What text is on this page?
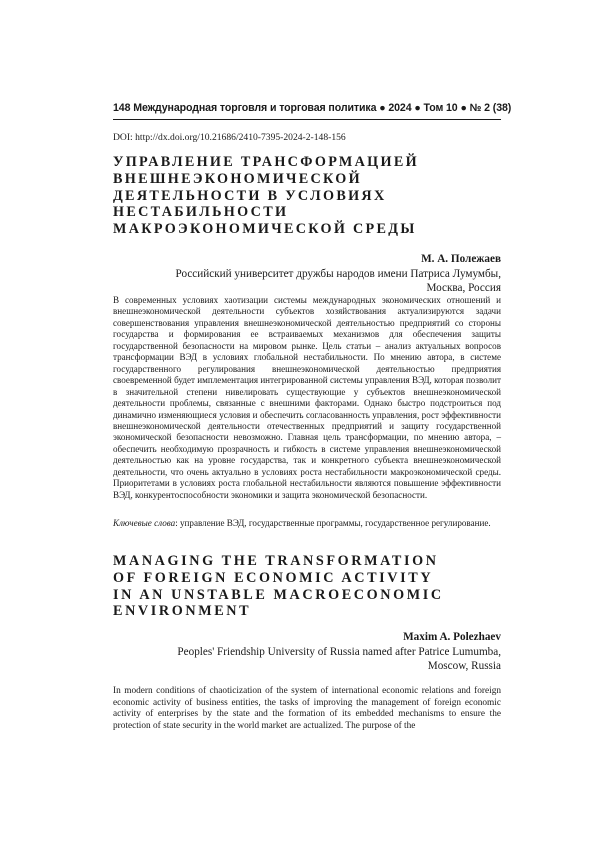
148 Международная торговля и торговая политика ● 2024 ● Том 10 ● № 2 (38)
DOI: http://dx.doi.org/10.21686/2410-7395-2024-2-148-156
УПРАВЛЕНИЕ ТРАНСФОРМАЦИЕЙ
ВНЕШНЕЭКОНОМИЧЕСКОЙ
ДЕЯТЕЛЬНОСТИ В УСЛОВИЯХ
НЕСТАБИЛЬНОСТИ
МАКРОЭКОНОМИЧЕСКОЙ СРЕДЫ
М. А. Полежаев
Российский университет дружбы народов имени Патриса Лумумбы,
Москва, Россия

В современных условиях хаотизации системы международных экономических отношений и внешнеэкономической деятельности субъектов хозяйствования актуализируются задачи совершенствования управления внешнеэкономической деятельностью предприятий со стороны государства и формирования ее встраиваемых механизмов для обеспечения защиты государственной безопасности на мировом рынке. Цель статьи – анализ актуальных вопросов трансформации ВЭД в условиях глобальной нестабильности. По мнению автора, в системе государственного регулирования внешнеэкономической деятельностью предприятия своевременной будет имплементация интегрированной системы управления ВЭД, которая позволит в значительной степени нивелировать существующие у субъектов внешнеэкономической деятельности проблемы, связанные с внешними факторами. Однако быстро подстроиться под динамично изменяющиеся условия и обеспечить согласованность управления, рост эффективности внешнеэкономической деятельности отечественных предприятий и защиту государственной экономической безопасности невозможно. Главная цель трансформации, по мнению автора, – обеспечить необходимую прозрачность и гибкость в системе управления внешнеэкономической деятельностью как на уровне государства, так и конкретного субъекта внешнеэкономической деятельности, что очень актуально в условиях роста нестабильности макроэкономической среды. Приоритетами в условиях роста глобальной нестабильности являются повышение эффективности ВЭД, конкурентоспособности экономики и защита экономической безопасности.

Ключевые слова: управление ВЭД, государственные программы, государственное регулирование.
MANAGING THE TRANSFORMATION
OF FOREIGN ECONOMIC ACTIVITY
IN AN UNSTABLE MACROECONOMIC
ENVIRONMENT
Maxim A. Polezhaev
Peoples' Friendship University of Russia named after Patrice Lumumba,
Moscow, Russia

In modern conditions of chaoticization of the system of international economic relations and foreign economic activity of business entities, the tasks of improving the management of foreign economic activity of enterprises by the state and the formation of its embedded mechanisms to ensure the protection of state security in the world market are actualized. The purpose of the
